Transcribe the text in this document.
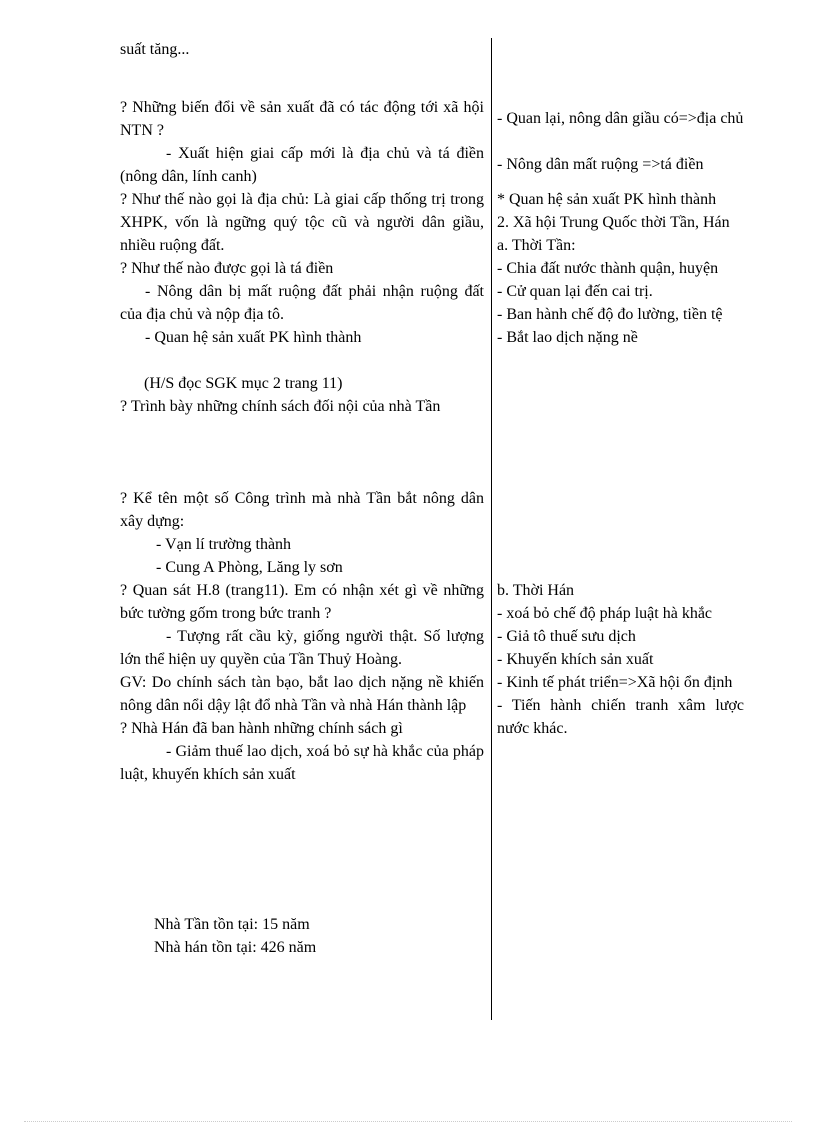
suất tăng...

? Những biến đổi về sản xuất đã có tác động tới xã hội NTN ?

- Xuất hiện giai cấp mới là địa chủ và tá điền (nông dân, lính canh)

? Như thế nào gọi là địa chủ: Là giai cấp thống trị trong XHPK, vốn là ngững quý tộc cũ và người dân giầu, nhiều ruộng đất.

? Như thế nào được gọi là tá điền

- Nông dân bị mất ruộng đất phải nhận ruộng đất của địa chủ và nộp địa tô.

- Quan hệ sản xuất PK hình thành

(H/S đọc SGK mục 2 trang 11)

? Trình bày những chính sách đối nội của nhà Tần

? Kể tên một số Công trình mà nhà Tần bắt nông dân xây dựng:

- Vạn lí trường thành

- Cung A Phòng, Lăng ly sơn

? Quan sát H.8 (trang11). Em có nhận xét gì về những bức tường gốm trong bức tranh ?

- Tượng rất cầu kỳ, giống người thật. Số lượng lớn thể hiện uy quyền của Tần Thuỷ Hoàng.

GV: Do chính sách tàn bạo, bắt lao dịch nặng nề khiến nông dân nổi dậy lật đổ nhà Tần và nhà Hán thành lập

? Nhà Hán đã ban hành những chính sách gì

- Giảm thuế lao dịch, xoá bỏ sự hà khắc của pháp luật, khuyến khích sản xuất

Nhà Tần tồn tại: 15 năm

Nhà hán tồn tại: 426 năm

- Quan lại, nông dân giầu có=>địa chủ

- Nông dân mất ruộng =>tá điền

* Quan hệ sản xuất PK hình thành

2. Xã hội Trung Quốc thời Tần, Hán

a. Thời Tần:

- Chia đất nước thành quận, huyện

- Cử quan lại đến cai trị.

- Ban hành chế độ đo lường, tiền tệ

- Bắt lao dịch nặng nề

b. Thời Hán

- xoá bỏ chế độ pháp luật hà khắc

- Giả tô thuế sưu dịch

- Khuyến khích sản xuất

- Kinh tế phát triển=>Xã hội ổn định

- Tiến hành chiến tranh xâm lược nước khác.
